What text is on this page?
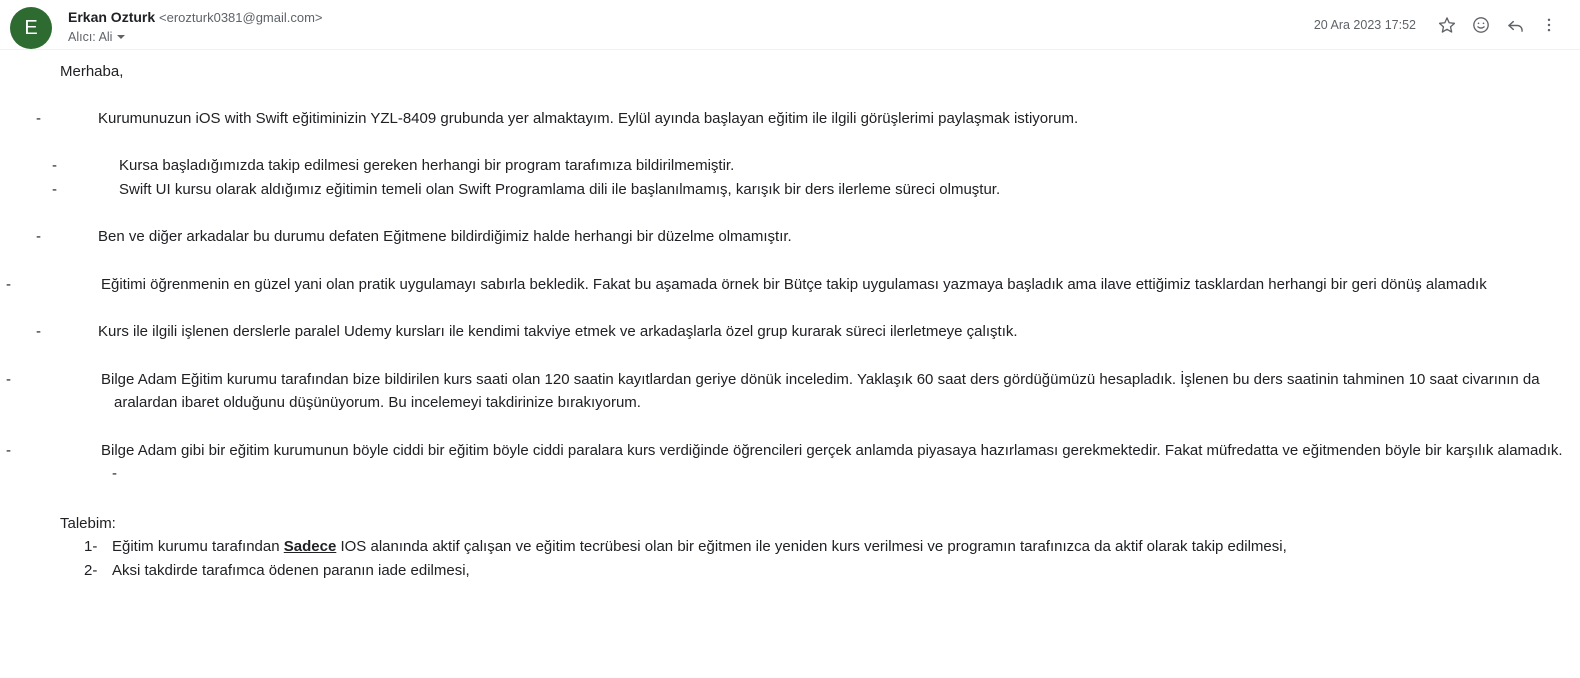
E Erkan Ozturk <erozturk0381@gmail.com>
Alıcı: Ali
20 Ara 2023 17:52

Merhaba,

-	Kurumunuzun iOS with Swift eğitiminizin YZL-8409 grubunda yer almaktayım. Eylül ayında başlayan eğitim ile ilgili görüşlerimi paylaşmak istiyorum.

-	Kursa başladığımızda takip edilmesi gereken herhangi bir program tarafımıza bildirilmemiştir.

-	Swift UI kursu olarak aldığımız eğitimin temeli olan Swift Programlama dili ile başlanılmamış, karışık bir ders ilerleme süreci olmuştur.

-	Ben ve diğer arkadalar bu durumu defaten Eğitmene bildirdiğimiz halde herhangi bir düzelme olmamıştır.

-	Eğitimi öğrenmenin en güzel yani olan pratik uygulamayı sabırla bekledik. Fakat bu aşamada örnek bir Bütçe takip uygulaması yazmaya başladık ama ilave ettiğimiz tasklardan herhangi bir geri dönüş alamadık

-	Kurs ile ilgili işlenen derslerle paralel Udemy kursları ile kendimi takviye etmek ve arkadaşlarla özel grup kurarak süreci ilerletmeye çalıştık.

-	Bilge Adam Eğitim kurumu tarafından bize bildirilen kurs saati olan 120 saatin kayıtlardan geriye dönük inceledim. Yaklaşık 60 saat ders gördüğümüzü hesapladık. İşlenen bu ders saatinin tahminen 10 saat civarının da aralardan ibaret olduğunu düşünüyorum. Bu incelemeyi takdirinize bırakıyorum.

-	Bilge Adam gibi bir eğitim kurumunun böyle ciddi bir eğitim böyle ciddi paralara kurs verdiğinde öğrencileri gerçek anlamda piyasaya hazırlaması gerekmektedir. Fakat müfredatta ve eğitmenden böyle bir karşılık alamadık.

-

Talebim:

1- Eğitim kurumu tarafından Sadece IOS alanında aktif çalışan ve eğitim tecrübesi olan bir eğitmen ile yeniden kurs verilmesi ve programın tarafınızca da aktif olarak takip edilmesi,
2- Aksi takdirde tarafımca ödenen paranın iade edilmesi,
